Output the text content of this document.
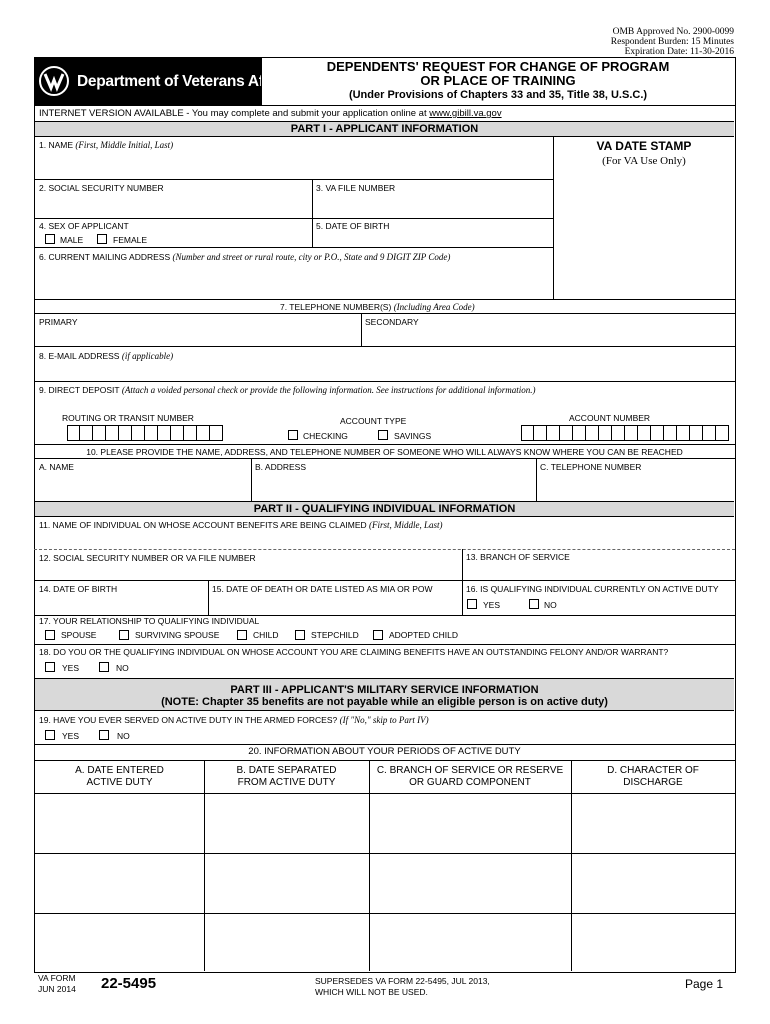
OMB Approved No. 2900-0099
Respondent Burden: 15 Minutes
Expiration Date: 11-30-2016
Department of Veterans Affairs
DEPENDENTS' REQUEST FOR CHANGE OF PROGRAM
OR PLACE OF TRAINING
(Under Provisions of Chapters 33 and 35, Title 38, U.S.C.)
INTERNET VERSION AVAILABLE - You may complete and submit your application online at www.gibill.va.gov
PART I - APPLICANT INFORMATION
VA DATE STAMP
(For VA Use Only)
1. NAME (First, Middle Initial, Last)
2. SOCIAL SECURITY NUMBER	3. VA FILE NUMBER
4. SEX OF APPLICANT
MALE	FEMALE
5. DATE OF BIRTH
6. CURRENT MAILING ADDRESS (Number and street or rural route, city or P.O., State and 9 DIGIT ZIP Code)
7. TELEPHONE NUMBER(S) (Including Area Code)
PRIMARY	SECONDARY
8. E-MAIL ADDRESS (if applicable)
9. DIRECT DEPOSIT (Attach a voided personal check or provide the following information. See instructions for additional information.)
ROUTING OR TRANSIT NUMBER	ACCOUNT TYPE
CHECKING	SAVINGS
ACCOUNT NUMBER
10. PLEASE PROVIDE THE NAME, ADDRESS, AND TELEPHONE NUMBER OF SOMEONE WHO WILL ALWAYS KNOW WHERE YOU CAN BE REACHED
A. NAME	B. ADDRESS	C. TELEPHONE NUMBER
PART II - QUALIFYING INDIVIDUAL INFORMATION
11. NAME OF INDIVIDUAL ON WHOSE ACCOUNT BENEFITS ARE BEING CLAIMED (First, Middle, Last)
12. SOCIAL SECURITY NUMBER OR VA FILE NUMBER	13. BRANCH OF SERVICE
14. DATE OF BIRTH	15. DATE OF DEATH OR DATE LISTED AS MIA OR POW	16. IS QUALIFYING INDIVIDUAL CURRENTLY ON ACTIVE DUTY
YES	NO
17. YOUR RELATIONSHIP TO QUALIFYING INDIVIDUAL
SPOUSE	SURVIVING SPOUSE	CHILD	STEPCHILD	ADOPTED CHILD
18. DO YOU OR THE QUALIFYING INDIVIDUAL ON WHOSE ACCOUNT YOU ARE CLAIMING BENEFITS HAVE AN OUTSTANDING FELONY AND/OR WARRANT?
YES	NO
PART III - APPLICANT'S MILITARY SERVICE INFORMATION
(NOTE: Chapter 35 benefits are not payable while an eligible person is on active duty)
19. HAVE YOU EVER SERVED ON ACTIVE DUTY IN THE ARMED FORCES? (If "No," skip to Part IV)
YES	NO
20. INFORMATION ABOUT YOUR PERIODS OF ACTIVE DUTY
A. DATE ENTERED
ACTIVE DUTY
B. DATE SEPARATED
FROM ACTIVE DUTY
C. BRANCH OF SERVICE OR RESERVE
OR GUARD COMPONENT
D. CHARACTER OF
DISCHARGE
VA FORM
JUN 2014 22-5495	SUPERSEDES VA FORM 22-5495, JUL 2013,
WHICH WILL NOT BE USED.
Page 1
